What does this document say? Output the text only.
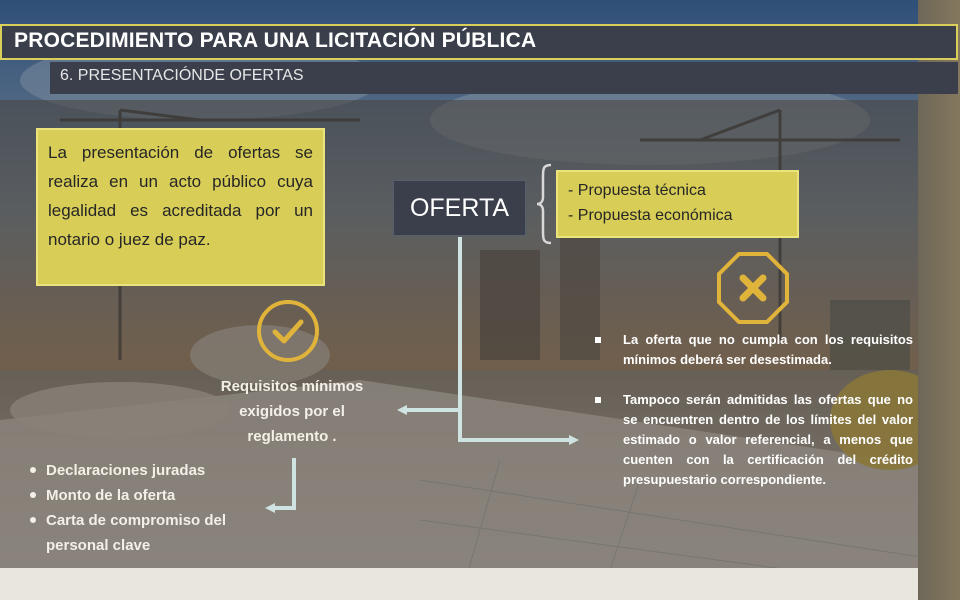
PROCEDIMIENTO PARA UNA LICITACIÓN PÚBLICA
6. PRESENTACIÓNDE OFERTAS
La presentación de ofertas se realiza en un acto público cuya legalidad es acreditada por un notario o juez de paz.
OFERTA
- Propuesta técnica
- Propuesta económica
Requisitos mínimos exigidos por el reglamento .
Declaraciones juradas
Monto de la oferta
Carta de compromiso del personal clave
La oferta que no cumpla con los requisitos mínimos deberá ser desestimada.
Tampoco serán admitidas las ofertas que no se encuentren dentro de los límites del valor estimado o valor referencial, a menos que cuenten con la certificación del crédito presupuestario correspondiente.
